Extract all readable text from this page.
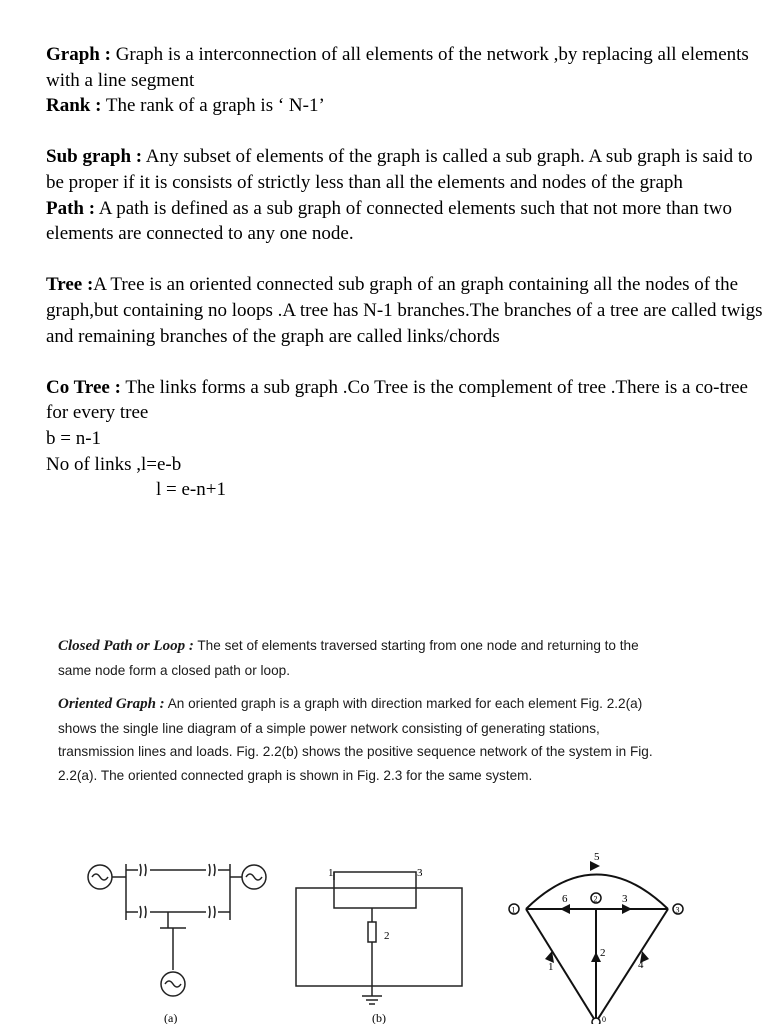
Graph : Graph is a interconnection of all elements of the network ,by replacing all elements with a line segment

Rank : The rank of a graph is ‘ N-1’

Sub graph : Any subset of elements of the graph is called a sub graph. A sub graph is said to be proper if it is consists of strictly less than all the elements and nodes of the graph

Path : A path is defined as a sub graph of connected elements such that not more than two elements are connected to any one node.

Tree :A Tree is an oriented connected sub graph of an graph containing all the nodes of the graph,but containing no loops .A tree has N-1 branches.The branches of a tree are called twigs and remaining branches of the graph are called links/chords

Co Tree : The links forms a sub graph .Co Tree is the complement of tree .There is a co-tree for every tree

b = n-1

No of links ,l=e-b

l = e-n+1

Closed Path or Loop : The set of elements traversed starting from one node and returning to the same node form a closed path or loop.

Oriented Graph : An oriented graph is a graph with direction marked for each element Fig. 2.2(a) shows the single line diagram of a simple power network consisting of generating stations, transmission lines and loads. Fig. 2.2(b) shows the positive sequence network of the system in Fig. 2.2(a). The oriented connected graph is shown in Fig. 2.3 for the same system.

(a)
1	3
2
(b)
5
6	3
1
2
4
1
2
3
0
